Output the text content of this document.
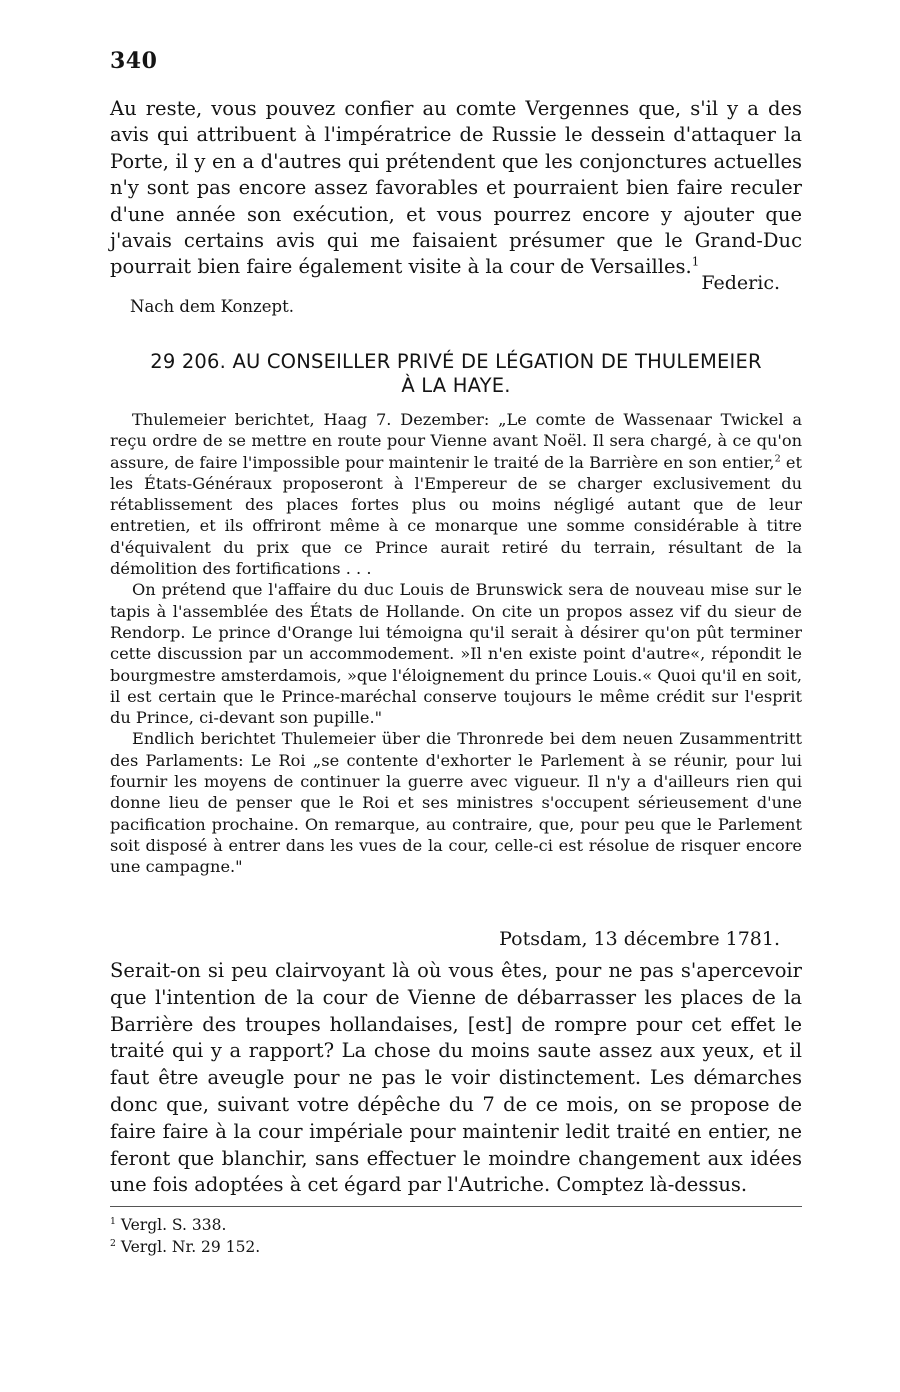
340
Au reste, vous pouvez confier au comte Vergennes que, s'il y a des avis qui attribuent à l'impératrice de Russie le dessein d'attaquer la Porte, il y en a d'autres qui prétendent que les conjonctures actuelles n'y sont pas encore assez favorables et pourraient bien faire reculer d'une année son exécution, et vous pourrez encore y ajouter que j'avais certains avis qui me faisaient présumer que le Grand-Duc pourrait bien faire également visite à la cour de Versailles.$^1$
Federic.
Nach dem Konzept.
29 206. AU CONSEILLER PRIVÉ DE LÉGATION DE THULEMEIER
À LA HAYE.

Thulemeier berichtet, Haag 7. Dezember: „Le comte de Wassenaar Twickel a reçu ordre de se mettre en route pour Vienne avant Noël. Il sera chargé, à ce qu'on assure, de faire l'impossible pour maintenir le traité de la Barrière en son entier,$^2$ et les États-Généraux proposeront à l'Empereur de se charger exclusivement du rétablissement des places fortes plus ou moins négligé autant que de leur entretien, et ils offriront même à ce monarque une somme considérable à titre d'équivalent du prix que ce Prince aurait retiré du terrain, résultant de la démolition des fortifications . . .

On prétend que l'affaire du duc Louis de Brunswick sera de nouveau mise sur le tapis à l'assemblée des États de Hollande. On cite un propos assez vif du sieur de Rendorp. Le prince d'Orange lui témoigna qu'il serait à désirer qu'on pût terminer cette discussion par un accommodement. »Il n'en existe point d'autre«, répondit le bourgmestre amsterdamois, »que l'éloignement du prince Louis.« Quoi qu'il en soit, il est certain que le Prince-maréchal conserve toujours le même crédit sur l'esprit du Prince, ci-devant son pupille."

Endlich berichtet Thulemeier über die Thronrede bei dem neuen Zusammentritt des Parlaments: Le Roi „se contente d'exhorter le Parlement à se réunir, pour lui fournir les moyens de continuer la guerre avec vigueur. Il n'y a d'ailleurs rien qui donne lieu de penser que le Roi et ses ministres s'occupent sérieusement d'une pacification prochaine. On remarque, au contraire, que, pour peu que le Parlement soit disposé à entrer dans les vues de la cour, celle-ci est résolue de risquer encore une campagne."

Potsdam, 13 décembre 1781.
Serait-on si peu clairvoyant là où vous êtes, pour ne pas s'apercevoir que l'intention de la cour de Vienne de débarrasser les places de la Barrière des troupes hollandaises, [est] de rompre pour cet effet le traité qui y a rapport? La chose du moins saute assez aux yeux, et il faut être aveugle pour ne pas le voir distinctement. Les démarches donc que, suivant votre dépêche du 7 de ce mois, on se propose de faire faire à la cour impériale pour maintenir ledit traité en entier, ne feront que blanchir, sans effectuer le moindre changement aux idées une fois adoptées à cet égard par l'Autriche. Comptez là-dessus.
$^1$ Vergl. S. 338.
$^2$ Vergl. Nr. 29 152.
